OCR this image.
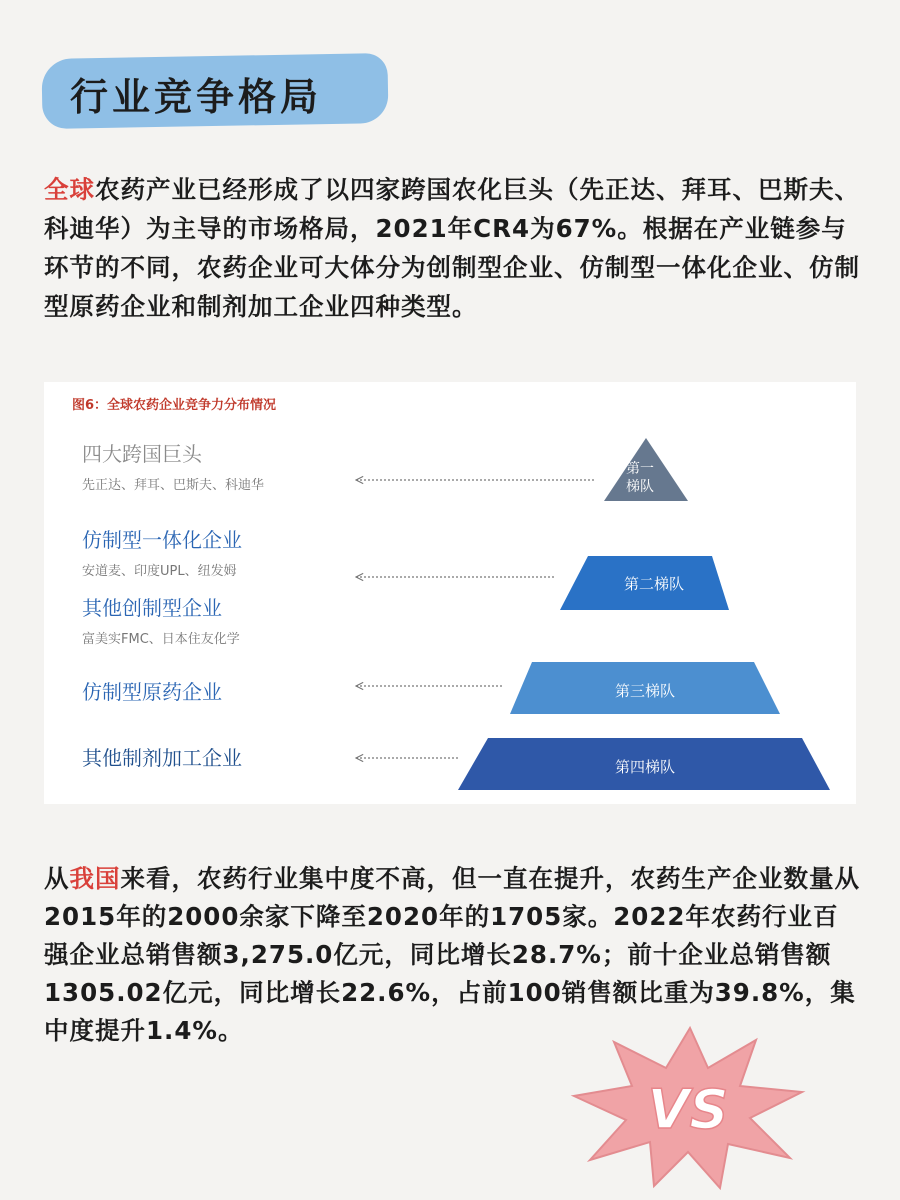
行业竞争格局

全球农药产业已经形成了以四家跨国农化巨头（先正达、拜耳、巴斯夫、科迪华）为主导的市场格局，2021年CR4为67%。根据在产业链参与环节的不同，农药企业可大体分为创制型企业、仿制型一体化企业、仿制型原药企业和制剂加工企业四种类型。

图6：全球农药企业竞争力分布情况
四大跨国巨头
先正达、拜耳、巴斯夫、科迪华
仿制型一体化企业
安道麦、印度UPL、纽发姆
其他创制型企业
富美实FMC、日本住友化学
仿制型原药企业
其他制剂加工企业
第一
梯队
第二梯队
第三梯队
第四梯队

从我国来看，农药行业集中度不高，但一直在提升，农药生产企业数量从2015年的2000余家下降至2020年的1705家。2022年农药行业百强企业总销售额3,275.0亿元，同比增长28.7%；前十企业总销售额1305.02亿元，同比增长22.6%，占前100销售额比重为39.8%，集中度提升1.4%。

VS
